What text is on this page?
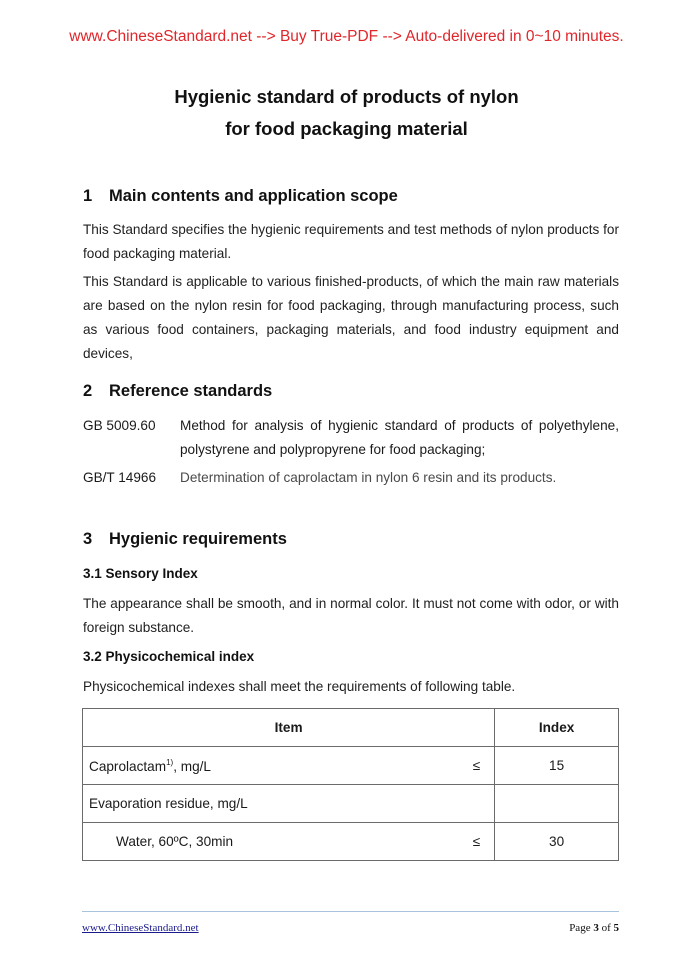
www.ChineseStandard.net --> Buy True-PDF --> Auto-delivered in 0~10 minutes.
Hygienic standard of products of nylon
for food packaging material
1 Main contents and application scope
This Standard specifies the hygienic requirements and test methods of nylon products for food packaging material.
This Standard is applicable to various finished-products, of which the main raw materials are based on the nylon resin for food packaging, through manufacturing process, such as various food containers, packaging materials, and food industry equipment and devices,
2 Reference standards
GB 5009.60 Method for analysis of hygienic standard of products of polyethylene, polystyrene and polypropyrene for food packaging;
GB/T 14966 Determination of caprolactam in nylon 6 resin and its products.
3 Hygienic requirements
3.1 Sensory Index
The appearance shall be smooth, and in normal color. It must not come with odor, or with foreign substance.
3.2 Physicochemical index
Physicochemical indexes shall meet the requirements of following table.
Item	Index
Caprolactam$^{1)}$, mg/L ≤	15
Evaporation residue, mg/L	
Water, 60ºC, 30min ≤	30
www.ChineseStandard.net	Page 3 of 5
